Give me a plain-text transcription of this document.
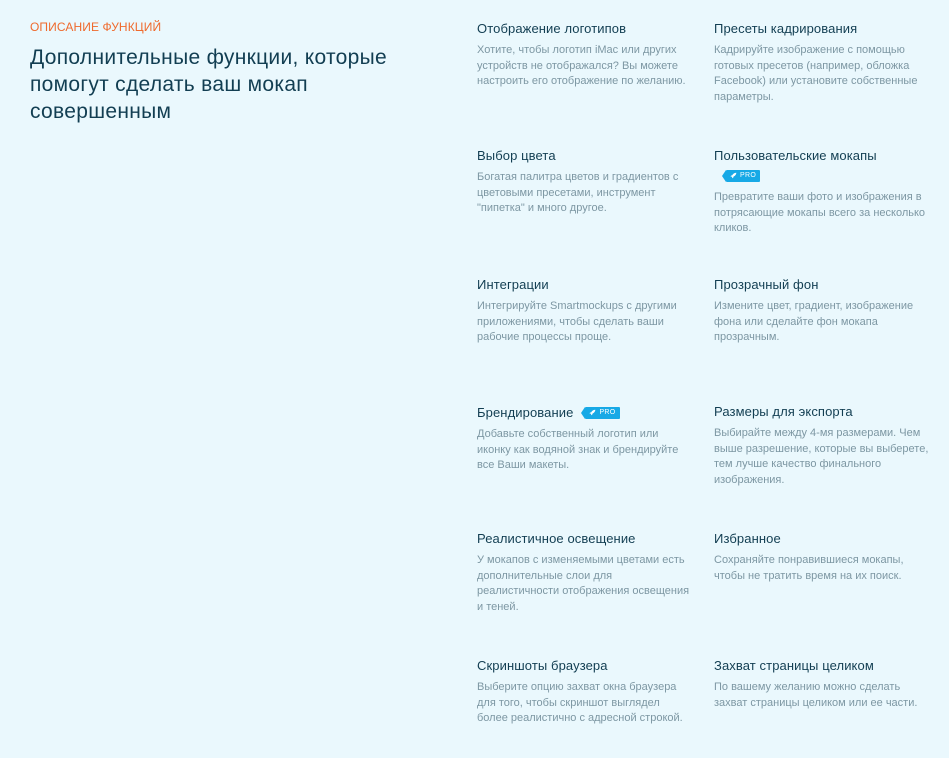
ОПИСАНИЕ ФУНКЦИЙ

Дополнительные функции, которые помогут сделать ваш мокап совершенным
Отображение логотипов

Хотите, чтобы логотип iMac или других устройств не отображался? Вы можете настроить его отображение по желанию.

Пресеты кадрирования

Кадрируйте изображение с помощью готовых пресетов (например, обложка Facebook) или установите собственные параметры.

Выбор цвета

Богатая палитра цветов и градиентов с цветовыми пресетами, инструмент "пипетка" и много другое.

Пользовательские мокапы
PRO

Превратите ваши фото и изображения в потрясающие мокапы всего за несколько кликов.

Интеграции

Интегрируйте Smartmockups с другими приложениями, чтобы сделать ваши рабочие процессы проще.

Прозрачный фон

Измените цвет, градиент, изображение фона или сделайте фон мокапа прозрачным.

Брендирование	PRO

Добавьте собственный логотип или иконку как водяной знак и брендируйте все Ваши макеты.

Размеры для экспорта

Выбирайте между 4-мя размерами. Чем выше разрешение, которые вы выберете, тем лучше качество финального изображения.

Реалистичное освещение

У мокапов с изменяемыми цветами есть дополнительные слои для реалистичности отображения освещения и теней.

Избранное

Сохраняйте понравившиеся мокапы, чтобы не тратить время на их поиск.

Скриншоты браузера

Выберите опцию захват окна браузера для того, чтобы скриншот выглядел более реалистично с адресной строкой.

Захват страницы целиком

По вашему желанию можно сделать захват страницы целиком или ее части.
